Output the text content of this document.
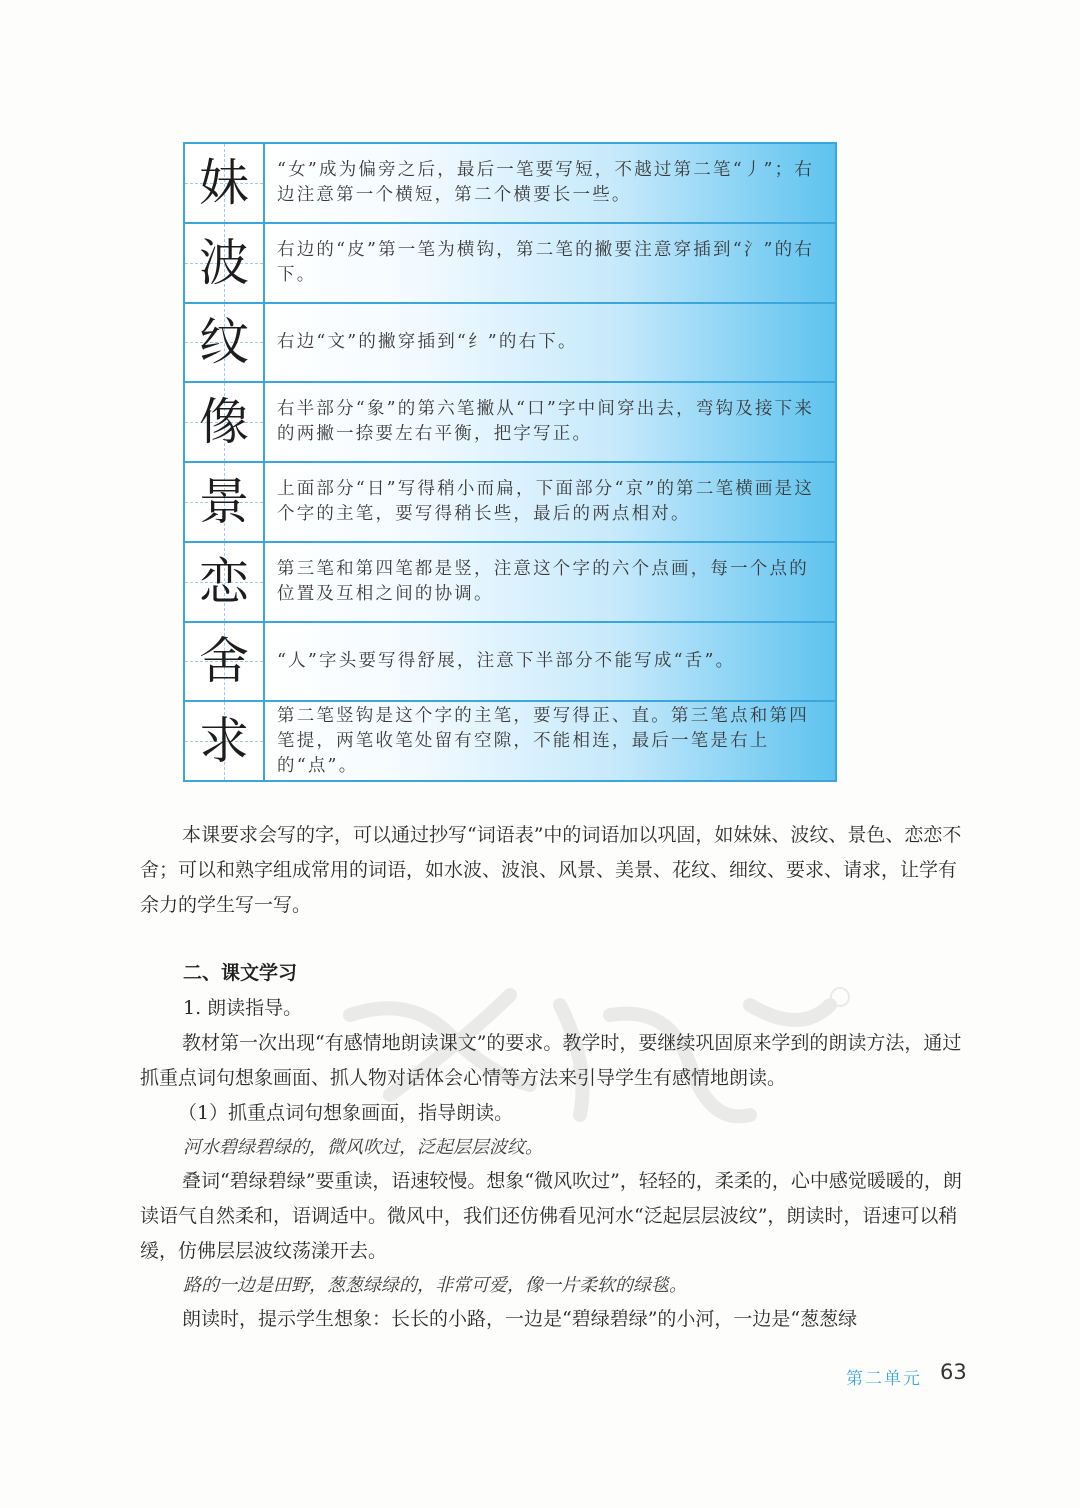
妹	“女”成为偏旁之后，最后一笔要写短，不越过第二笔“丿”；右边注意第一个横短，第二个横要长一些。
波	右边的“皮”第一笔为横钩，第二笔的撇要注意穿插到“氵”的右下。
纹	右边“文”的撇穿插到“纟”的右下。
像	右半部分“象”的第六笔撇从“口”字中间穿出去，弯钩及接下来的两撇一捺要左右平衡，把字写正。
景	上面部分“日”写得稍小而扁，下面部分“京”的第二笔横画是这个字的主笔，要写得稍长些，最后的两点相对。
恋	第三笔和第四笔都是竖，注意这个字的六个点画，每一个点的位置及互相之间的协调。
舍	“人”字头要写得舒展，注意下半部分不能写成“舌”。
求	第二笔竖钩是这个字的主笔，要写得正、直。第三笔点和第四笔提，两笔收笔处留有空隙，不能相连，最后一笔是右上的“点”。

本课要求会写的字，可以通过抄写“词语表”中的词语加以巩固，如妹妹、波纹、景色、恋恋不舍；可以和熟字组成常用的词语，如水波、波浪、风景、美景、花纹、细纹、要求、请求，让学有余力的学生写一写。

二、课文学习

1. 朗读指导。

教材第一次出现“有感情地朗读课文”的要求。教学时，要继续巩固原来学到的朗读方法，通过抓重点词句想象画面、抓人物对话体会心情等方法来引导学生有感情地朗读。

（1）抓重点词句想象画面，指导朗读。

河水碧绿碧绿的，微风吹过，泛起层层波纹。

叠词“碧绿碧绿”要重读，语速较慢。想象“微风吹过”，轻轻的，柔柔的，心中感觉暖暖的，朗读语气自然柔和，语调适中。微风中，我们还仿佛看见河水“泛起层层波纹”，朗读时，语速可以稍缓，仿佛层层波纹荡漾开去。

路的一边是田野，葱葱绿绿的，非常可爱，像一片柔软的绿毯。

朗读时，提示学生想象：长长的小路，一边是“碧绿碧绿”的小河，一边是“葱葱绿

第二单元 63
